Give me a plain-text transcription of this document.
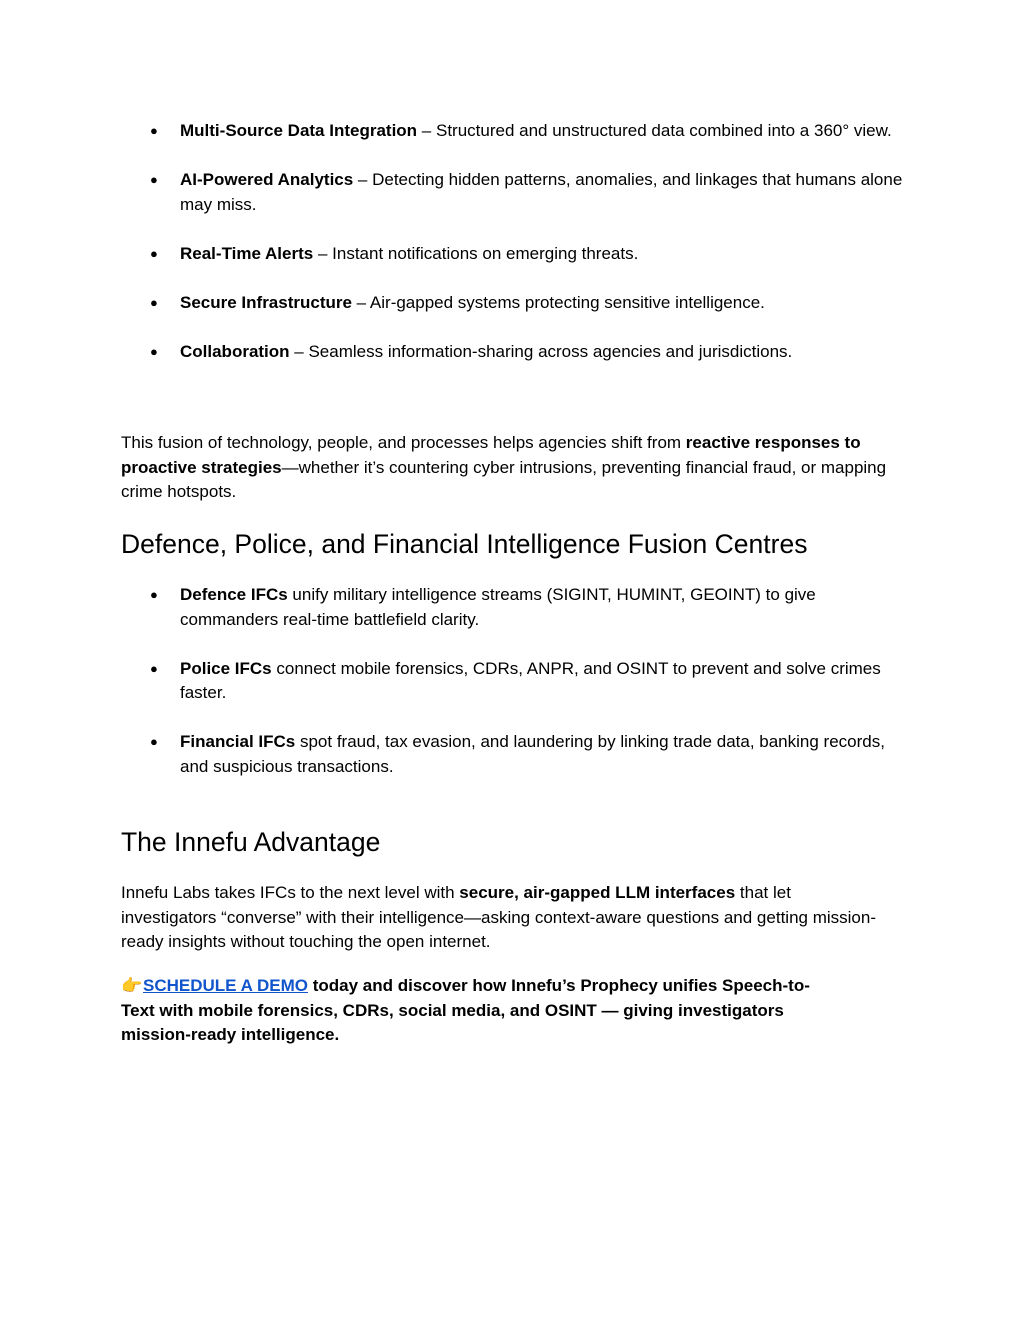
● Multi-Source Data Integration – Structured and unstructured data combined into a 360° view.
● AI-Powered Analytics – Detecting hidden patterns, anomalies, and linkages that humans alone may miss.
● Real-Time Alerts – Instant notifications on emerging threats.
● Secure Infrastructure – Air-gapped systems protecting sensitive intelligence.
● Collaboration – Seamless information-sharing across agencies and jurisdictions.

This fusion of technology, people, and processes helps agencies shift from reactive responses to proactive strategies—whether it’s countering cyber intrusions, preventing financial fraud, or mapping crime hotspots.

Defence, Police, and Financial Intelligence Fusion Centres
● Defence IFCs unify military intelligence streams (SIGINT, HUMINT, GEOINT) to give commanders real-time battlefield clarity.
● Police IFCs connect mobile forensics, CDRs, ANPR, and OSINT to prevent and solve crimes faster.
● Financial IFCs spot fraud, tax evasion, and laundering by linking trade data, banking records, and suspicious transactions.
The Innefu Advantage

Innefu Labs takes IFCs to the next level with secure, air-gapped LLM interfaces that let investigators “converse” with their intelligence—asking context-aware questions and getting mission-ready insights without touching the open internet.

👉SCHEDULE A DEMO today and discover how Innefu’s Prophecy unifies Speech-to-Text with mobile forensics, CDRs, social media, and OSINT — giving investigators mission-ready intelligence.
